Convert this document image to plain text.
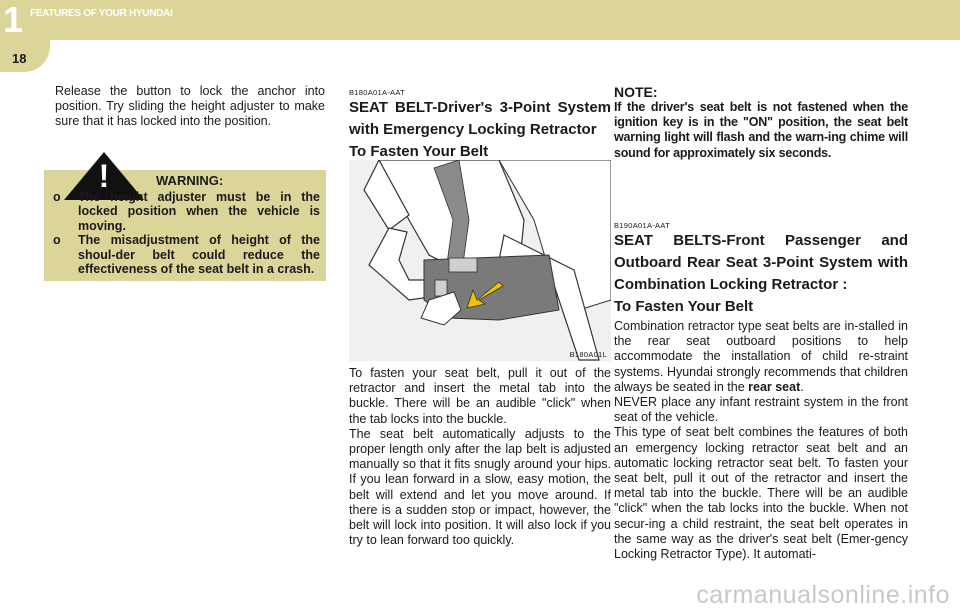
1 FEATURES OF YOUR HYUNDAI
18

Release the button to lock the anchor into position. Try sliding the height adjuster to make sure that it has locked into the position.

!	WARNING:
o The height adjuster must be in the locked position when the vehicle is moving.
o The misadjustment of height of the shoul-der belt could reduce the effectiveness of the seat belt in a crash.

B180A01A-AAT

SEAT BELT-Driver's 3-Point System with Emergency Locking Retractor

To Fasten Your Belt

B180A01L

To fasten your seat belt, pull it out of the retractor and insert the metal tab into the buckle. There will be an audible "click" when the tab locks into the buckle.
The seat belt automatically adjusts to the proper length only after the lap belt is adjusted manually so that it fits snugly around your hips. If you lean forward in a slow, easy motion, the belt will extend and let you move around. If there is a sudden stop or impact, however, the belt will lock into position. It will also lock if you try to lean forward too quickly.

NOTE:

If the driver's seat belt is not fastened when the ignition key is in the "ON" position, the seat belt warning light will flash and the warn-ing chime will sound for approximately six seconds.

B190A01A-AAT

SEAT BELTS-Front Passenger and Outboard Rear Seat 3-Point System with Combination Locking Retractor :

To Fasten Your Belt

Combination retractor type seat belts are in-stalled in the rear seat outboard positions to help accommodate the installation of child re-straint systems. Hyundai strongly recommends that children always be seated in the rear seat.
NEVER place any infant restraint system in the front seat of the vehicle.
This type of seat belt combines the features of both an emergency locking retractor seat belt and an automatic locking retractor seat belt. To fasten your seat belt, pull it out of the retractor and insert the metal tab into the buckle. There will be an audible "click" when the tab locks into the buckle. When not secur-ing a child restraint, the seat belt operates in the same way as the driver's seat belt (Emer-gency Locking Retractor Type). It automati-

carmanualsonline.info
